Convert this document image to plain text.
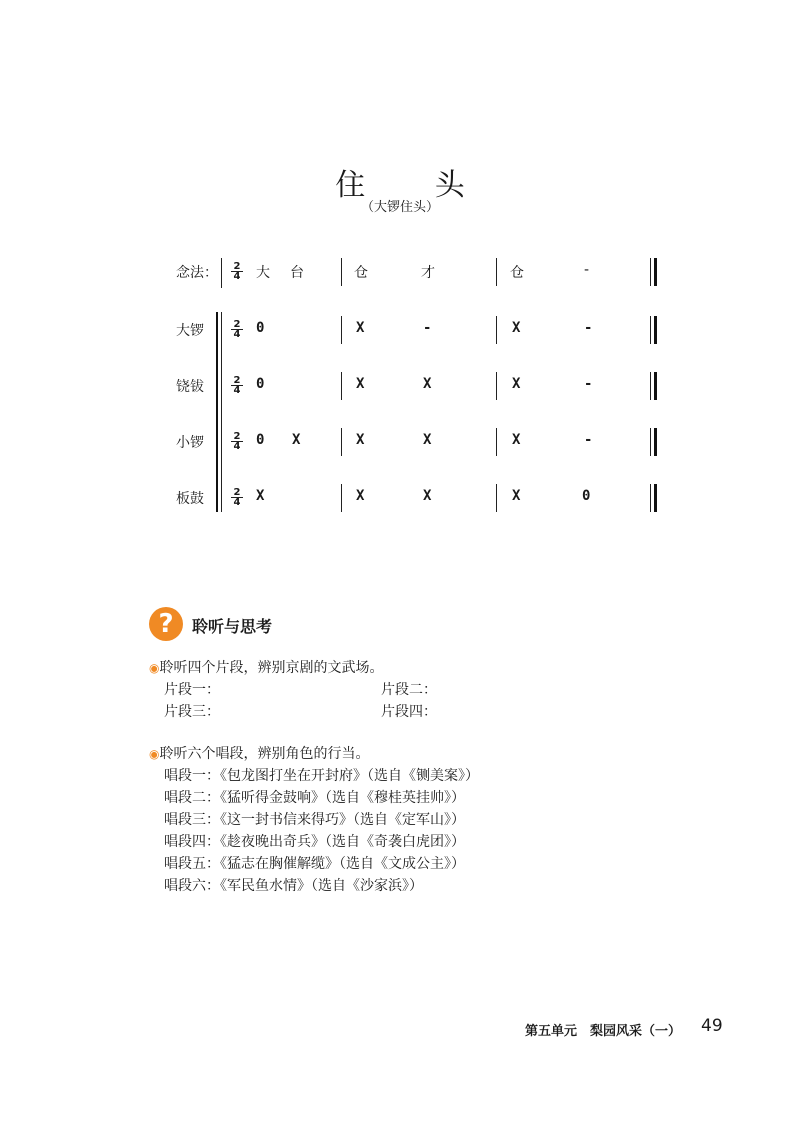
住 头
（大锣住头）
念法： $\frac{2}{4}$ 大 台	仓	才	仓	-
大锣	$\frac{2}{4} 0$	X	-	X	-
铙钹	$\frac{2}{4} 0$	X	X	X	-
小锣	$\frac{2}{4} 0$ X	X	X	X	-
板鼓	$\frac{2}{4}$ X	X	X	X	0
?	聆听与思考
◉聆听四个片段，辨别京剧的文武场。
片段一：	片段二：
片段三：	片段四：
◉聆听六个唱段，辨别角色的行当。
唱段一：《包龙图打坐在开封府》（选自《铡美案》）
唱段二：《猛听得金鼓响》（选自《穆桂英挂帅》）
唱段三：《这一封书信来得巧》（选自《定军山》）
唱段四：《趁夜晚出奇兵》（选自《奇袭白虎团》）
唱段五：《猛志在胸催解缆》（选自《文成公主》）
唱段六：《军民鱼水情》（选自《沙家浜》）
第五单元　梨园风采（一） 49
